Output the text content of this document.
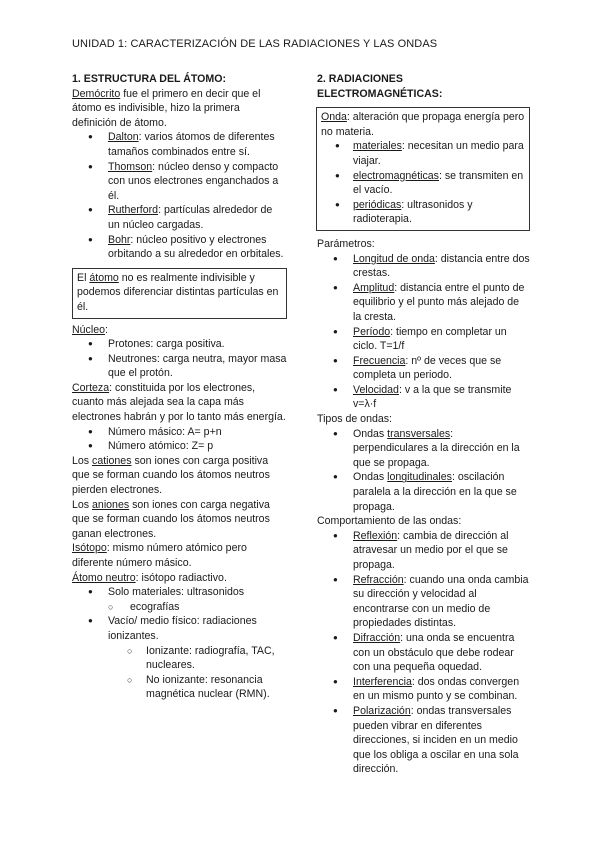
UNIDAD 1: CARACTERIZACIÓN DE LAS RADIACIONES Y LAS ONDAS

1. ESTRUCTURA DEL ÁTOMO:

Demócrito fue el primero en decir que el átomo es indivisible, hizo la primera definición de átomo.

● Dalton: varios átomos de diferentes tamaños combinados entre sí.
● Thomson: núcleo denso y compacto con unos electrones enganchados a él.
● Rutherford: partículas alrededor de un núcleo cargadas.
● Bohr: núcleo positivo y electrones orbitando a su alrededor en orbitales.
El átomo no es realmente indivisible y podemos diferenciar distintas partículas en él.

Núcleo:

● Protones: carga positiva.
● Neutrones: carga neutra, mayor masa que el protón.

Corteza: constituida por los electrones, cuanto más alejada sea la capa más electrones habrán y por lo tanto más energía.

● Número másico: A= p+n
● Número atómico: Z= p

Los cationes son iones con carga positiva que se forman cuando los átomos neutros pierden electrones.

Los aniones son iones con carga negativa que se forman cuando los átomos neutros ganan electrones.

Isótopo: mismo número atómico pero diferente número másico.

Átomo neutro: isótopo radiactivo.

● Solo materiales: ultrasonidos
○ ecografías
● Vacío/ medio físico: radiaciones ionizantes.
○ Ionizante: radiografía, TAC, nucleares.
○ No ionizante: resonancia magnética nuclear (RMN).

2. RADIACIONES ELECTROMAGNÉTICAS:

Onda: alteración que propaga energía pero no materia.

● materiales: necesitan un medio para viajar.
● electromagnéticas: se transmiten en el vacío.
● periódicas: ultrasonidos y radioterapia.

Parámetros:

● Longitud de onda: distancia entre dos crestas.
● Amplitud: distancia entre el punto de equilibrio y el punto más alejado de la cresta.
● Período: tiempo en completar un ciclo. T=1/f
● Frecuencia: nº de veces que se completa un periodo.
● Velocidad: v a la que se transmite v=λ·f

Tipos de ondas:

● Ondas transversales: perpendiculares a la dirección en la que se propaga.
● Ondas longitudinales: oscilación paralela a la dirección en la que se propaga.

Comportamiento de las ondas:

● Reflexión: cambia de dirección al atravesar un medio por el que se propaga.
● Refracción: cuando una onda cambia su dirección y velocidad al encontrarse con un medio de propiedades distintas.
● Difracción: una onda se encuentra con un obstáculo que debe rodear con una pequeña oquedad.
● Interferencia: dos ondas convergen en un mismo punto y se combinan.
● Polarización: ondas transversales pueden vibrar en diferentes direcciones, si inciden en un medio que los obliga a oscilar en una sola dirección.
